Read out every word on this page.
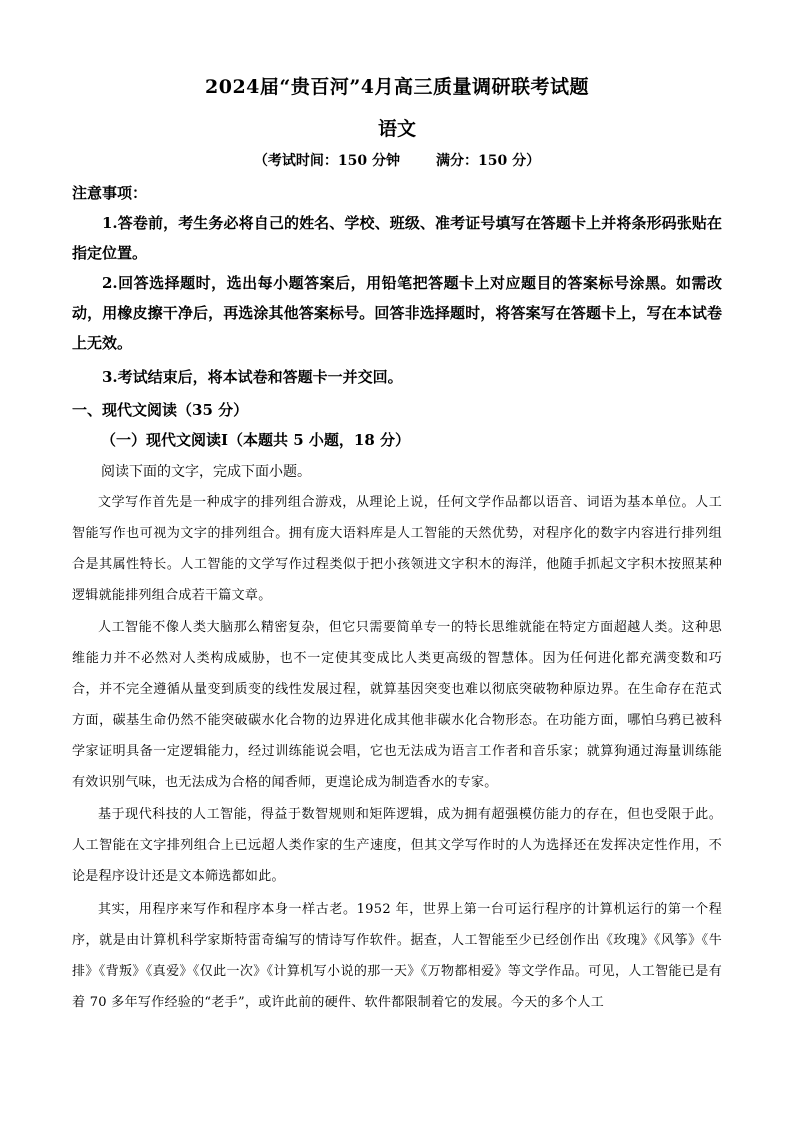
2024届“贵百河”4月高三质量调研联考试题
语文
（考试时间：150 分钟	满分：150 分）
注意事项：

1.答卷前，考生务必将自己的姓名、学校、班级、准考证号填写在答题卡上并将条形码张贴在指定位置。

2.回答选择题时，选出每小题答案后，用铅笔把答题卡上对应题目的答案标号涂黑。如需改动，用橡皮擦干净后，再选涂其他答案标号。回答非选择题时，将答案写在答题卡上，写在本试卷上无效。

3.考试结束后，将本试卷和答题卡一并交回。

一、现代文阅读（35 分）
（一）现代文阅读Ⅰ（本题共 5 小题，18 分）
阅读下面的文字，完成下面小题。

文学写作首先是一种成字的排列组合游戏，从理论上说，任何文学作品都以语音、词语为基本单位。人工智能写作也可视为文字的排列组合。拥有庞大语料库是人工智能的天然优势，对程序化的数字内容进行排列组合是其属性特长。人工智能的文学写作过程类似于把小孩领进文字积木的海洋，他随手抓起文字积木按照某种逻辑就能排列组合成若干篇文章。

人工智能不像人类大脑那么精密复杂，但它只需要简单专一的特长思维就能在特定方面超越人类。这种思维能力并不必然对人类构成威胁，也不一定使其变成比人类更高级的智慧体。因为任何进化都充满变数和巧合，并不完全遵循从量变到质变的线性发展过程，就算基因突变也难以彻底突破物种原边界。在生命存在范式方面，碳基生命仍然不能突破碳水化合物的边界进化成其他非碳水化合物形态。在功能方面，哪怕乌鸦已被科学家证明具备一定逻辑能力，经过训练能说会唱，它也无法成为语言工作者和音乐家；就算狗通过海量训练能有效识别气味，也无法成为合格的闻香师，更遑论成为制造香水的专家。

基于现代科技的人工智能，得益于数智规则和矩阵逻辑，成为拥有超强模仿能力的存在，但也受限于此。人工智能在文字排列组合上已远超人类作家的生产速度，但其文学写作时的人为选择还在发挥决定性作用，不论是程序设计还是文本筛选都如此。

其实，用程序来写作和程序本身一样古老。1952 年，世界上第一台可运行程序的计算机运行的第一个程序，就是由计算机科学家斯特雷奇编写的情诗写作软件。据查，人工智能至少已经创作出《玫瑰》《风筝》《牛排》《背叛》《真爱》《仅此一次》《计算机写小说的那一天》《万物都相爱》等文学作品。可见，人工智能已是有着 70 多年写作经验的“老手”，或许此前的硬件、软件都限制着它的发展。今天的多个人工
